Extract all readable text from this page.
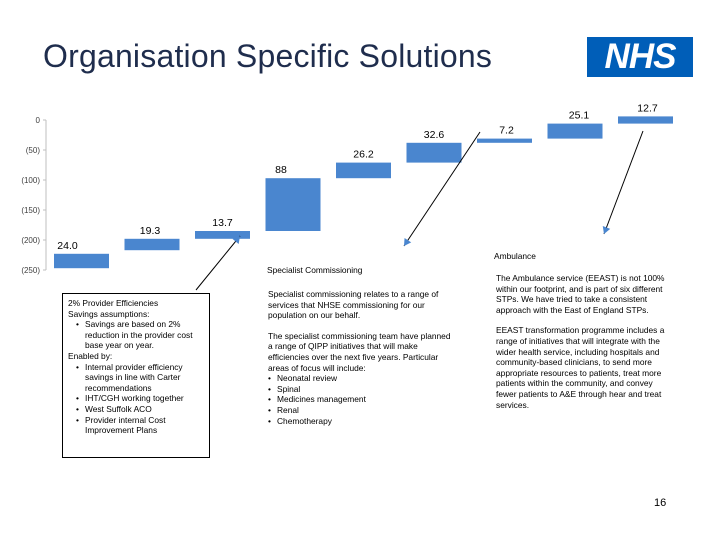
Organisation Specific Solutions	NHS
0
(50)
(100)
(150)
(200)
(250)
24.0
19.3
13.7
88
26.2
32.6	7.2
25.1
12.7

2% Provider Efficiencies

Savings assumptions:

• Savings are based on 2% reduction in the provider cost base year on year.

Enabled by:

• Internal provider efficiency savings in line with Carter recommendations
• IHT/CGH working together
• West Suffolk ACO
• Provider internal Cost Improvement Plans
Specialist Commissioning

Specialist commissioning relates to a range of services that NHSE commissioning for our population on our behalf.

The specialist commissioning team have planned a range of QIPP initiatives that will make efficiencies over the next five years. Particular areas of focus will include:

• Neonatal review
• Spinal
• Medicines management
• Renal
• Chemotherapy
Ambulance

The Ambulance service (EEAST) is not 100% within our footprint, and is part of six different STPs. We have tried to take a consistent approach with the East of England STPs.

EEAST transformation programme includes a range of initiatives that will integrate with the wider health service, including hospitals and community-based clinicians, to send more appropriate resources to patients, treat more patients within the community, and convey fewer patients to A&E through hear and treat services.

16
